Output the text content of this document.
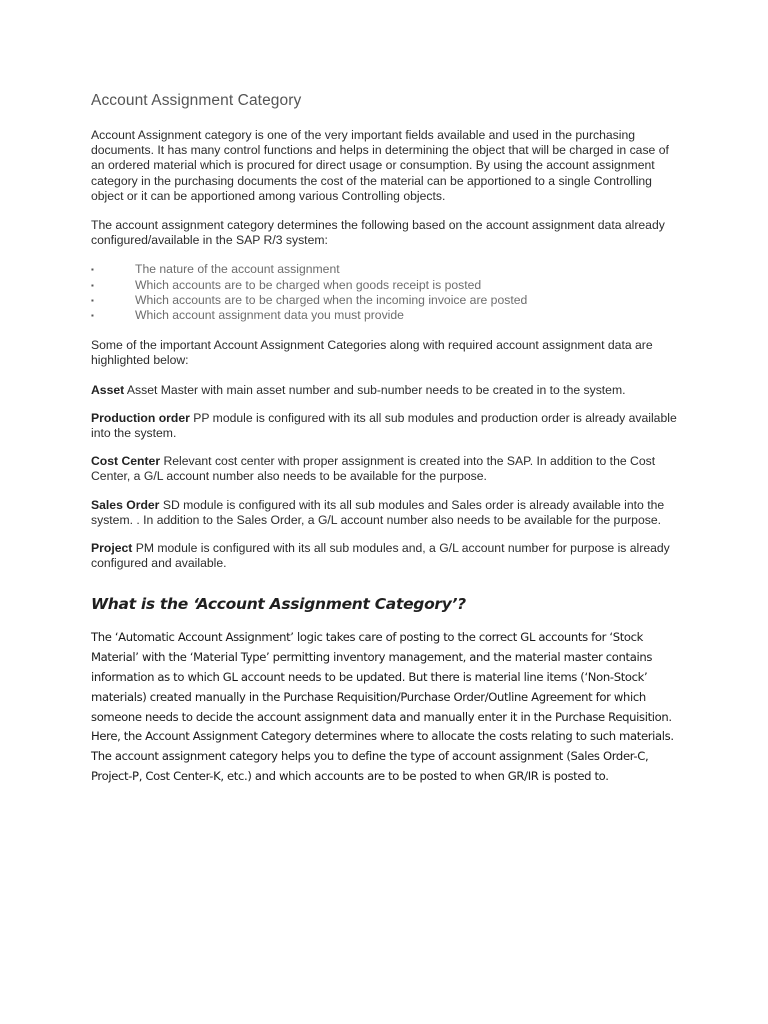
Account Assignment Category

Account Assignment category is one of the very important fields available and used in the purchasing documents. It has many control functions and helps in determining the object that will be charged in case of an ordered material which is procured for direct usage or consumption. By using the account assignment category in the purchasing documents the cost of the material can be apportioned to a single Controlling object or it can be apportioned among various Controlling objects.

The account assignment category determines the following based on the account assignment data already configured/available in the SAP R/3 system:

▪	The nature of the account assignment
▪	Which accounts are to be charged when goods receipt is posted
▪	Which accounts are to be charged when the incoming invoice are posted
▪	Which account assignment data you must provide

Some of the important Account Assignment Categories along with required account assignment data are highlighted below:

Asset Asset Master with main asset number and sub-number needs to be created in to the system.

Production order PP module is configured with its all sub modules and production order is already available into the system.

Cost Center Relevant cost center with proper assignment is created into the SAP. In addition to the Cost Center, a G/L account number also needs to be available for the purpose.

Sales Order SD module is configured with its all sub modules and Sales order is already available into the system. . In addition to the Sales Order, a G/L account number also needs to be available for the purpose.

Project PM module is configured with its all sub modules and, a G/L account number for purpose is already configured and available.

What is the ‘Account Assignment Category’?

The ‘Automatic Account Assignment’ logic takes care of posting to the correct GL accounts for ‘Stock Material’ with the ‘Material Type’ permitting inventory management, and the material master contains information as to which GL account needs to be updated. But there is material line items (‘Non-Stock’ materials) created manually in the Purchase Requisition/Purchase Order/Outline Agreement for which someone needs to decide the account assignment data and manually enter it in the Purchase Requisition. Here, the Account Assignment Category determines where to allocate the costs relating to such materials. The account assignment category helps you to define the type of account assignment (Sales Order-C, Project-P, Cost Center-K, etc.) and which accounts are to be posted to when GR/IR is posted to.
